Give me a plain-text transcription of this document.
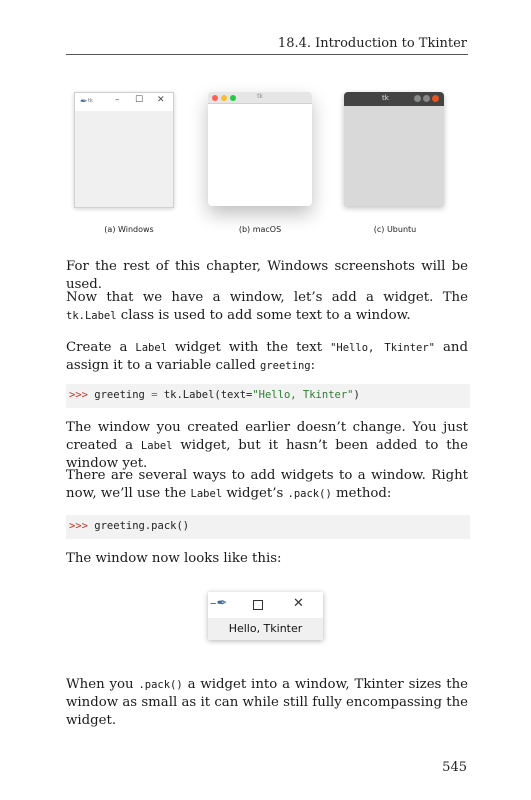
18.4. Introduction to Tkinter
✒ tk – ☐ ✕
(a) Windows
tk
(b) macOS
tk
(c) Ubuntu
For the rest of this chapter, Windows screenshots will be used.
Now that we have a window, let’s add a widget. The tk.Label class is used to add some text to a window.
Create a Label widget with the text "Hello, Tkinter" and assign it to a variable called greeting:
>>> greeting = tk.Label(text="Hello, Tkinter")
The window you created earlier doesn’t change. You just created a Label widget, but it hasn’t been added to the window yet.
There are several ways to add widgets to a window. Right now, we’ll use the Label widget’s .pack() method:
>>> greeting.pack()
The window now looks like this:
–✒	✕
Hello, Tkinter
When you .pack() a widget into a window, Tkinter sizes the window as small as it can while still fully encompassing the widget.
545
